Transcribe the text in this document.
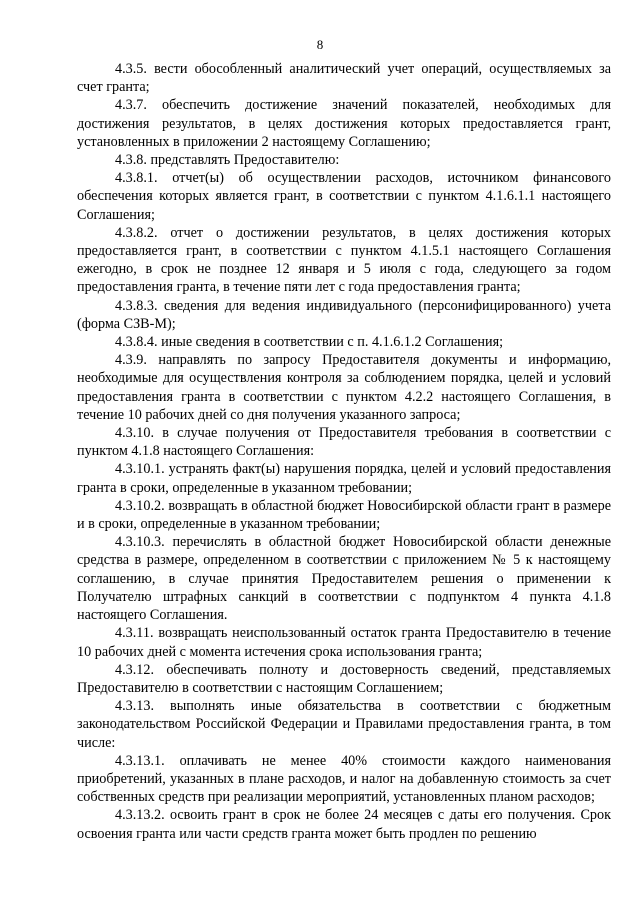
8

4.3.5. вести обособленный аналитический учет операций, осуществляемых за счет гранта;

4.3.7. обеспечить достижение значений показателей, необходимых для достижения результатов, в целях достижения которых предоставляется грант, установленных в приложении 2 настоящему Соглашению;

4.3.8. представлять Предоставителю:

4.3.8.1. отчет(ы) об осуществлении расходов, источником финансового обеспечения которых является грант, в соответствии с пунктом 4.1.6.1.1 настоящего Соглашения;

4.3.8.2. отчет о достижении результатов, в целях достижения которых предоставляется грант, в соответствии с пунктом 4.1.5.1 настоящего Соглашения ежегодно, в срок не позднее 12 января и 5 июля с года, следующего за годом предоставления гранта, в течение пяти лет с года предоставления гранта;

4.3.8.3. сведения для ведения индивидуального (персонифицированного) учета (форма СЗВ-М);

4.3.8.4. иные сведения в соответствии с п. 4.1.6.1.2 Соглашения;

4.3.9. направлять по запросу Предоставителя документы и информацию, необходимые для осуществления контроля за соблюдением порядка, целей и условий предоставления гранта в соответствии с пунктом 4.2.2 настоящего Соглашения, в течение 10 рабочих дней со дня получения указанного запроса;

4.3.10. в случае получения от Предоставителя требования в соответствии с пунктом 4.1.8 настоящего Соглашения:

4.3.10.1. устранять факт(ы) нарушения порядка, целей и условий предоставления гранта в сроки, определенные в указанном требовании;

4.3.10.2. возвращать в областной бюджет Новосибирской области грант в размере и в сроки, определенные в указанном требовании;

4.3.10.3. перечислять в областной бюджет Новосибирской области денежные средства в размере, определенном в соответствии с приложением № 5 к настоящему соглашению, в случае принятия Предоставителем решения о применении к Получателю штрафных санкций в соответствии с подпунктом 4 пункта 4.1.8 настоящего Соглашения.

4.3.11. возвращать неиспользованный остаток гранта Предоставителю в течение 10 рабочих дней с момента истечения срока использования гранта;

4.3.12. обеспечивать полноту и достоверность сведений, представляемых Предоставителю в соответствии с настоящим Соглашением;

4.3.13. выполнять иные обязательства в соответствии с бюджетным законодательством Российской Федерации и Правилами предоставления гранта, в том числе:

4.3.13.1. оплачивать не менее 40% стоимости каждого наименования приобретений, указанных в плане расходов, и налог на добавленную стоимость за счет собственных средств при реализации мероприятий, установленных планом расходов;

4.3.13.2. освоить грант в срок не более 24 месяцев с даты его получения. Срок освоения гранта или части средств гранта может быть продлен по решению
